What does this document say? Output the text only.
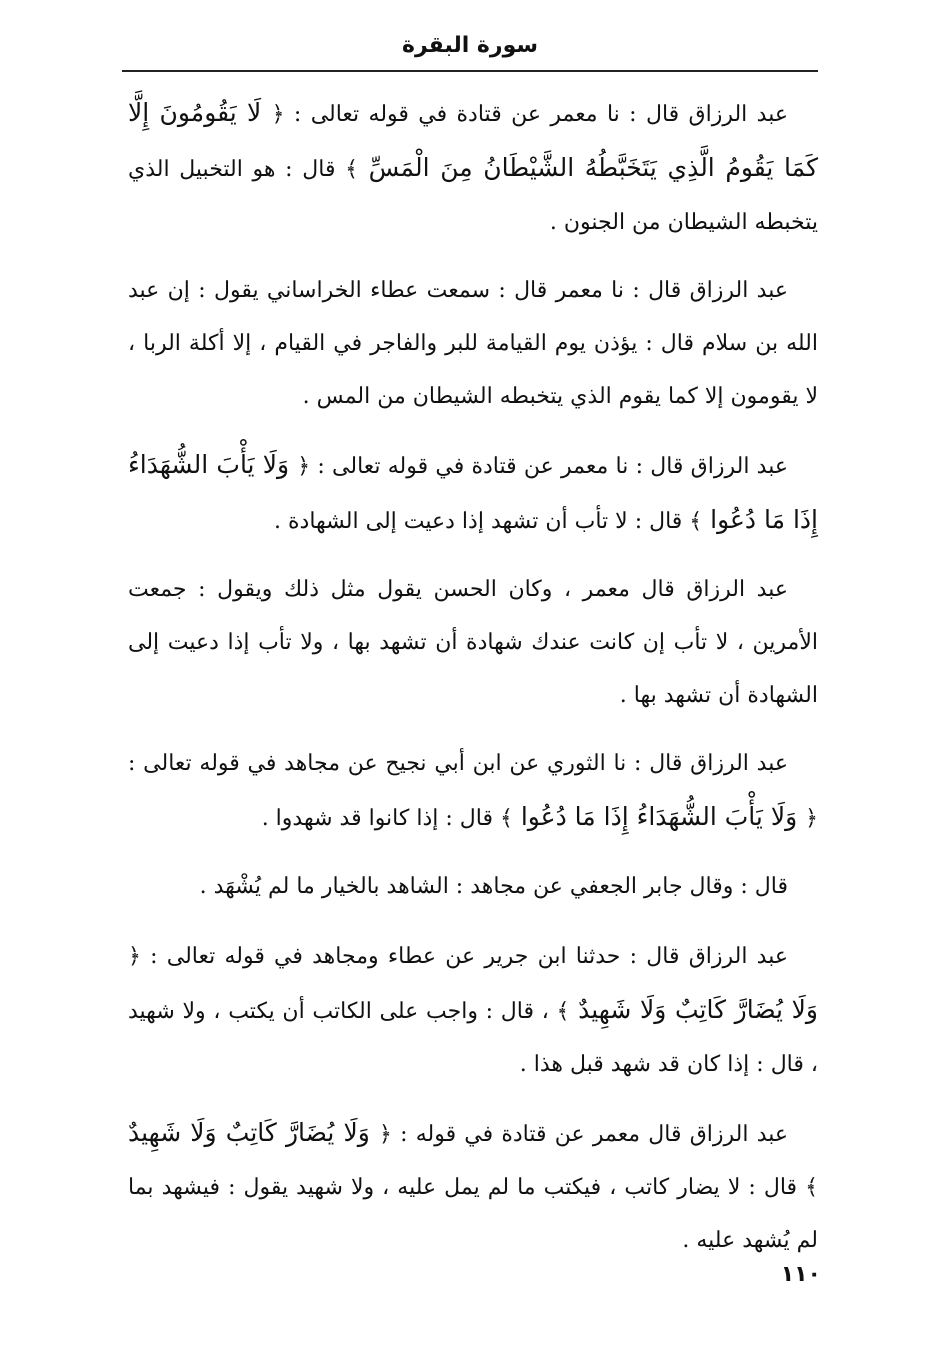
سورة البقرة

عبد الرزاق قال : نا معمر عن قتادة في قوله تعالى : ﴿ لَا يَقُومُونَ إِلَّا كَمَا يَقُومُ الَّذِي يَتَخَبَّطُهُ الشَّيْطَانُ مِنَ الْمَسِّ ﴾ قال : هو التخبيل الذي يتخبطه الشيطان من الجنون .

عبد الرزاق قال : نا معمر قال : سمعت عطاء الخراساني يقول : إن عبد الله بن سلام قال : يؤذن يوم القيامة للبر والفاجر في القيام ، إلا أكلة الربا ، لا يقومون إلا كما يقوم الذي يتخبطه الشيطان من المس .

عبد الرزاق قال : نا معمر عن قتادة في قوله تعالى : ﴿ وَلَا يَأْبَ الشُّهَدَاءُ إِذَا مَا دُعُوا ﴾ قال : لا تأب أن تشهد إذا دعيت إلى الشهادة .

عبد الرزاق قال معمر ، وكان الحسن يقول مثل ذلك ويقول : جمعت الأمرين ، لا تأب إن كانت عندك شهادة أن تشهد بها ، ولا تأب إذا دعيت إلى الشهادة أن تشهد بها .

عبد الرزاق قال : نا الثوري عن ابن أبي نجيح عن مجاهد في قوله تعالى : ﴿ وَلَا يَأْبَ الشُّهَدَاءُ إِذَا مَا دُعُوا ﴾ قال : إذا كانوا قد شهدوا .

قال : وقال جابر الجعفي عن مجاهد : الشاهد بالخيار ما لم يُشْهَد .

عبد الرزاق قال : حدثنا ابن جرير عن عطاء ومجاهد في قوله تعالى : ﴿ وَلَا يُضَارَّ كَاتِبٌ وَلَا شَهِيدٌ ﴾ ، قال : واجب على الكاتب أن يكتب ، ولا شهيد ، قال : إذا كان قد شهد قبل هذا .

عبد الرزاق قال معمر عن قتادة في قوله : ﴿ وَلَا يُضَارَّ كَاتِبٌ وَلَا شَهِيدٌ ﴾ قال : لا يضار كاتب ، فيكتب ما لم يمل عليه ، ولا شهيد يقول : فيشهد بما لم يُشهد عليه .

١١٠
